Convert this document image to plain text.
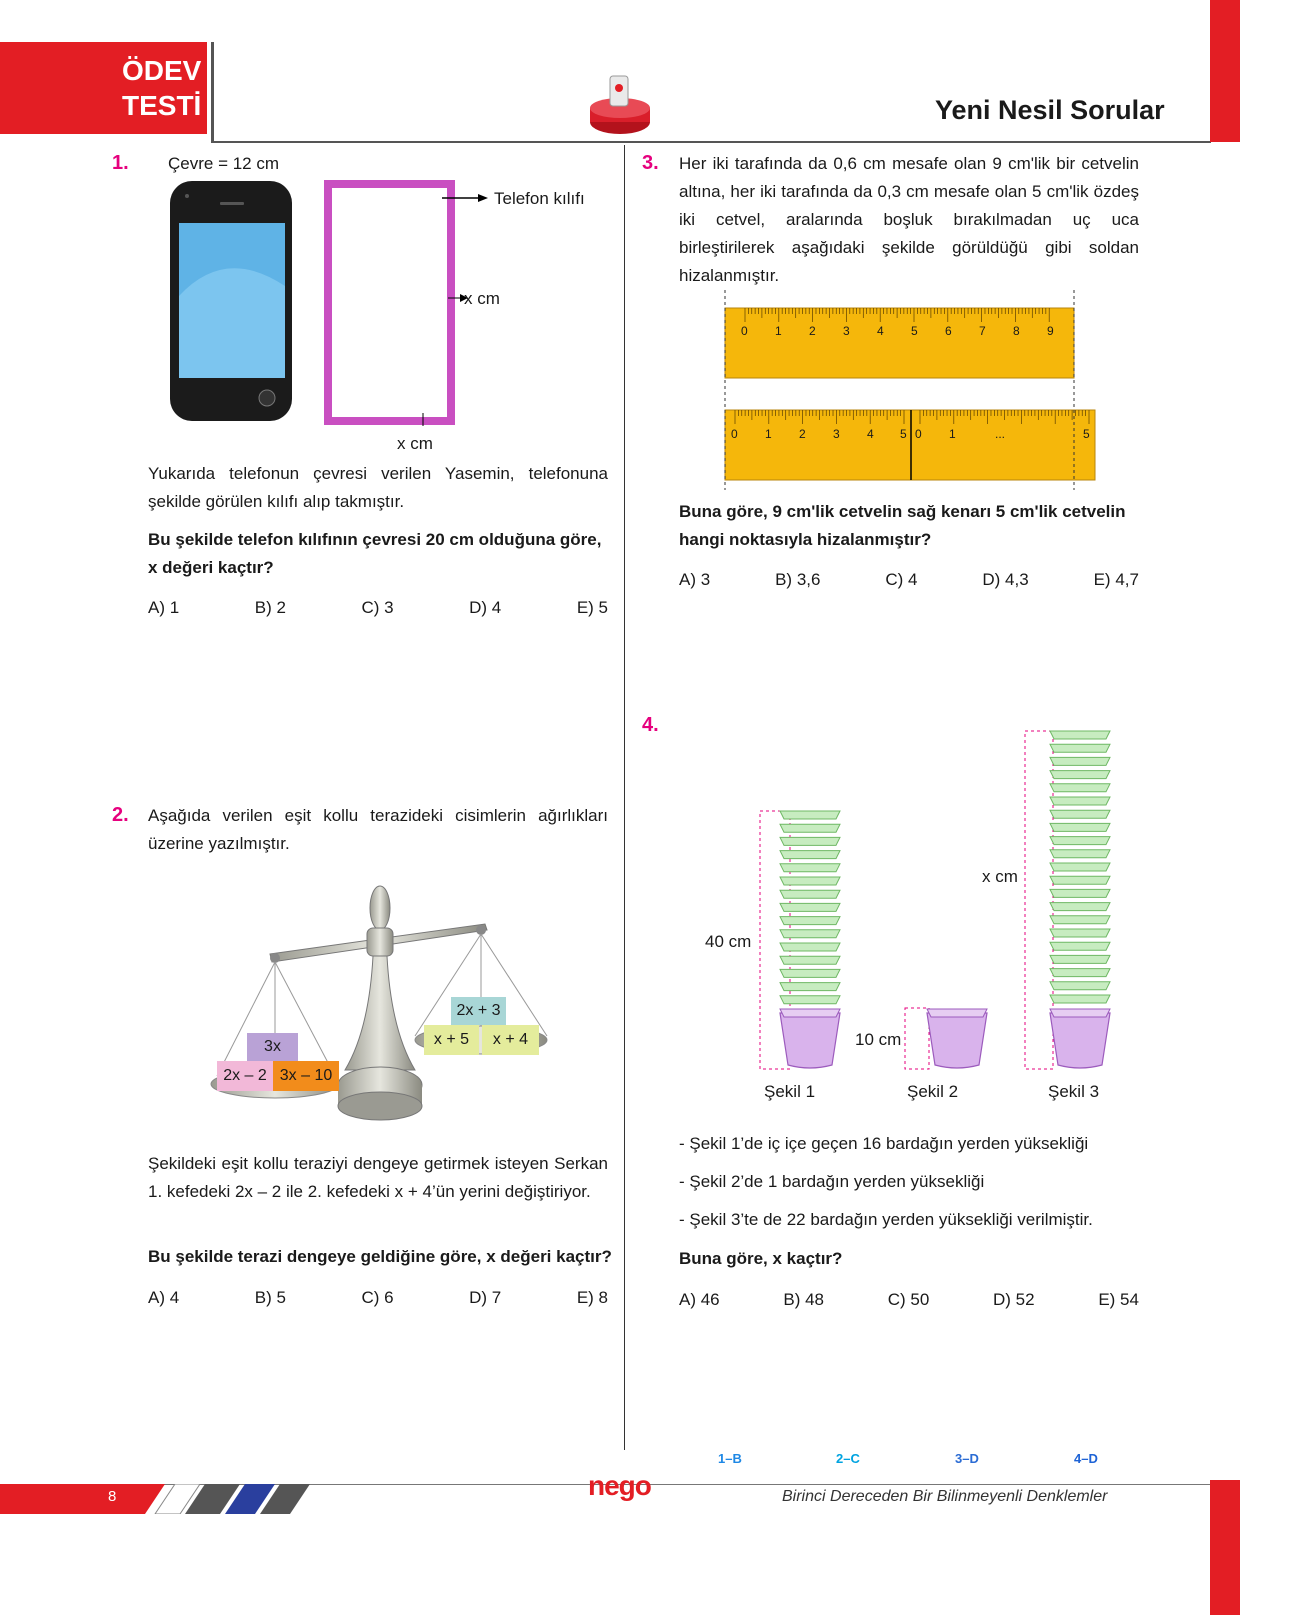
ÖDEV
TESTİ	Yeni Nesil Sorular
1. Çevre = 12 cm
Telefon kılıfı
x cm
x cm
Yukarıda telefonun çevresi verilen Yasemin, telefonuna şekilde görülen kılıfı alıp takmıştır.
Bu şekilde telefon kılıfının çevresi 20 cm olduğuna göre, x değeri kaçtır?
A) 1	B) 2	C) 3	D) 4	E) 5
2. Aşağıda verilen eşit kollu terazideki cisimlerin ağırlıkları üzerine yazılmıştır.
3x
2x – 2 3x – 10
2x + 3
x + 5	x + 4
Şekildeki eşit kollu teraziyi dengeye getirmek isteyen Serkan 1. kefedeki 2x – 2 ile 2. kefedeki x + 4’ün yerini değiştiriyor.
Bu şekilde terazi dengeye geldiğine göre, x değeri kaçtır?
A) 4	B) 5	C) 6	D) 7	E) 8
3. Her iki tarafında da 0,6 cm mesafe olan 9 cm'lik bir cetvelin altına, her iki tarafında da 0,3 cm mesafe olan 5 cm'lik özdeş iki cetvel, aralarında boşluk bırakılmadan uç uca birleştirilerek aşağıdaki şekilde görüldüğü gibi soldan hizalanmıştır.
0 1 2 3 4 5 6 7 8 9
0 1 2 3 4 5 0 1	...	5
Buna göre, 9 cm'lik cetvelin sağ kenarı 5 cm'lik cetvelin hangi noktasıyla hizalanmıştır?
A) 3	B) 3,6	C) 4	D) 4,3	E) 4,7
4.
40 cm
10 cm
x cm
Şekil 1	Şekil 2	Şekil 3
- Şekil 1’de iç içe geçen 16 bardağın yerden yüksekliği
- Şekil 2’de 1 bardağın yerden yüksekliği
- Şekil 3’te de 22 bardağın yerden yüksekliği verilmiştir.
Buna göre, x kaçtır?
A) 46	B) 48	C) 50	D) 52	E) 54
1–B	2–C	3–D	4–D
8	nego	Birinci Dereceden Bir Bilinmeyenli Denklemler
